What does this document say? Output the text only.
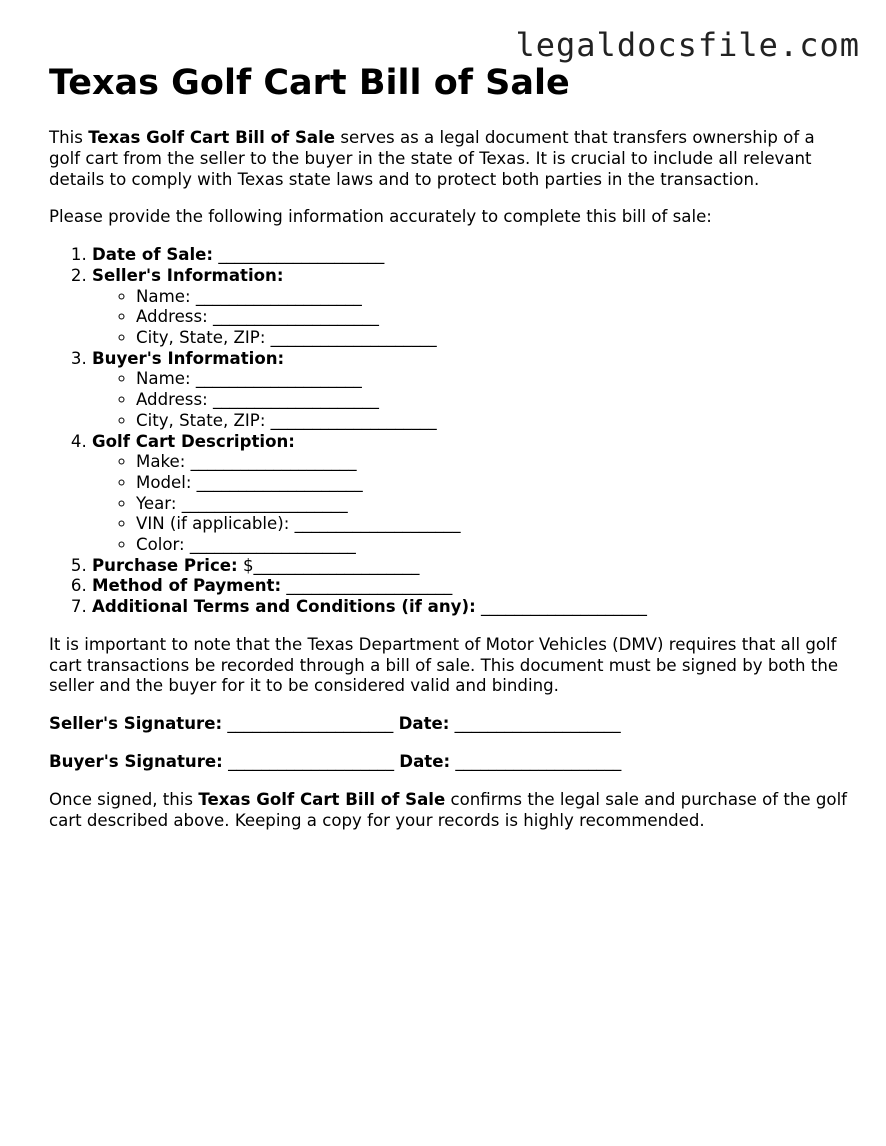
legaldocsfile.com
Texas Golf Cart Bill of Sale

This Texas Golf Cart Bill of Sale serves as a legal document that transfers ownership of a golf cart from the seller to the buyer in the state of Texas. It is crucial to include all relevant details to comply with Texas state laws and to protect both parties in the transaction.

Please provide the following information accurately to complete this bill of sale:

1. Date of Sale: ____________________
2. Seller's Information:
◦ Name: ____________________
◦ Address: ____________________
◦ City, State, ZIP: ____________________
3. Buyer's Information:
◦ Name: ____________________
◦ Address: ____________________
◦ City, State, ZIP: ____________________
4. Golf Cart Description:
◦ Make: ____________________
◦ Model: ____________________
◦ Year: ____________________
◦ VIN (if applicable): ____________________
◦ Color: ____________________
5. Purchase Price: $____________________
6. Method of Payment: ____________________
7. Additional Terms and Conditions (if any): ____________________

It is important to note that the Texas Department of Motor Vehicles (DMV) requires that all golf cart transactions be recorded through a bill of sale. This document must be signed by both the seller and the buyer for it to be considered valid and binding.

Seller's Signature: ____________________ Date: ____________________

Buyer's Signature: ____________________ Date: ____________________

Once signed, this Texas Golf Cart Bill of Sale confirms the legal sale and purchase of the golf cart described above. Keeping a copy for your records is highly recommended.
